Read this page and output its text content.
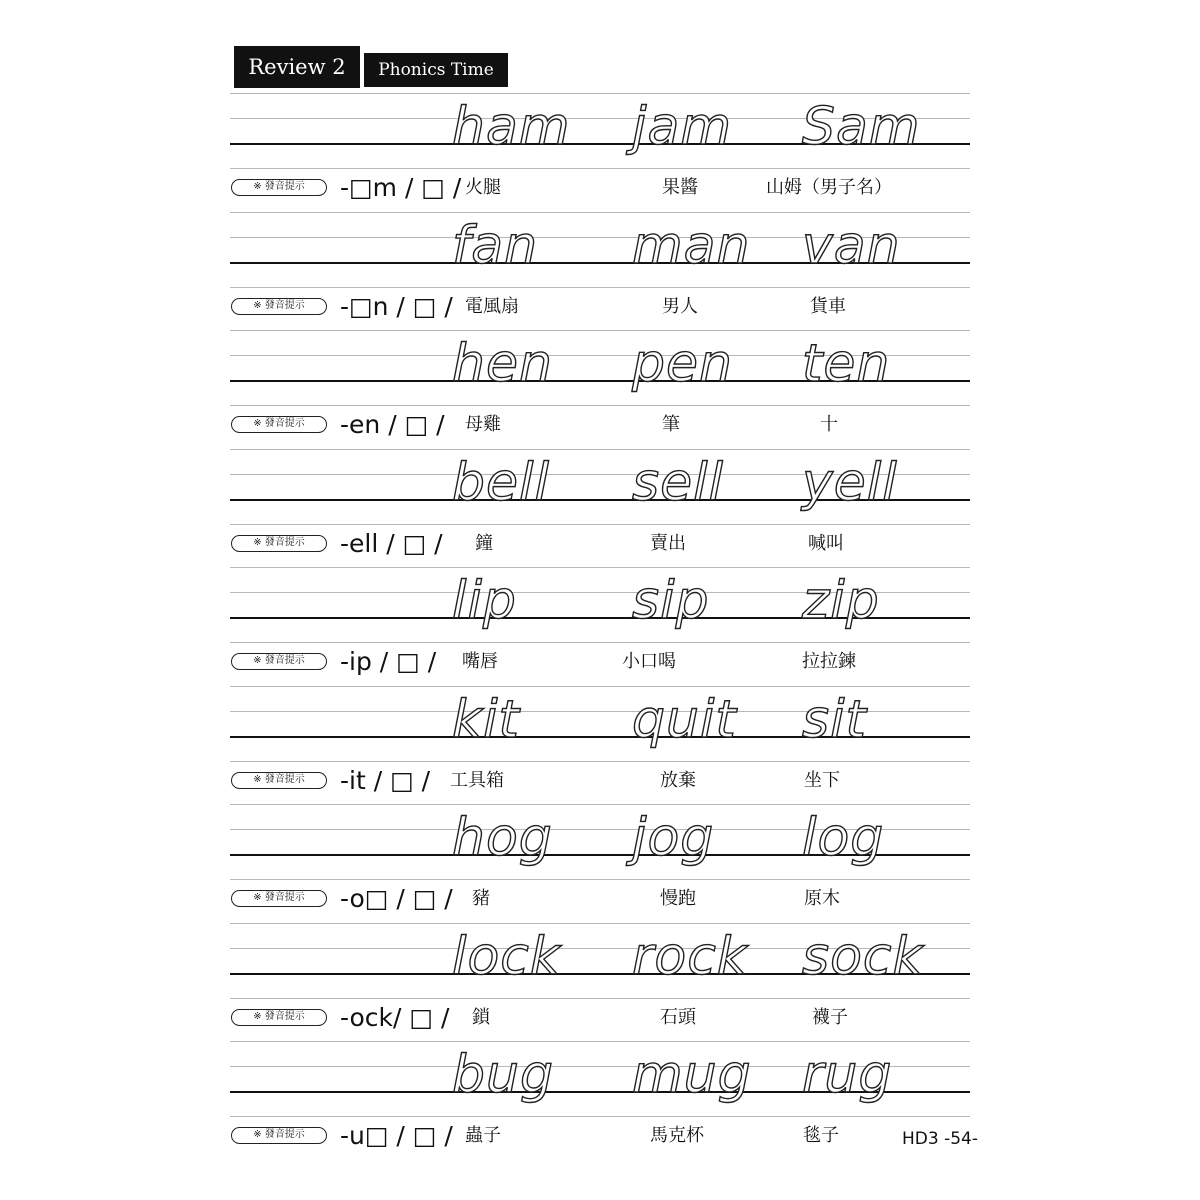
Review 2	Phonics Time
ham jam Sam
※ 發音提示	-□m / □ / 火腿	果醬	山姆（男子名）
fan man van
※ 發音提示	-□n / □ / 電風扇	男人	貨車
hen pen ten
※ 發音提示	-en / □ / 母雞	筆	十
bell sell yell
※ 發音提示	-ell / □ / 鐘	賣出	喊叫
lip sip zip
※ 發音提示	-ip / □ / 嘴唇	小口喝	拉拉鍊
kit quit sit
※ 發音提示	-it / □ / 工具箱	放棄	坐下
hog jog log
※ 發音提示	-o□ / □ / 豬	慢跑	原木
lock rock sock
※ 發音提示	-ock/ □ / 鎖	石頭	襪子
bug mug rug
※ 發音提示	-u□ / □ / 蟲子	馬克杯	毯子	HD3 -54-
